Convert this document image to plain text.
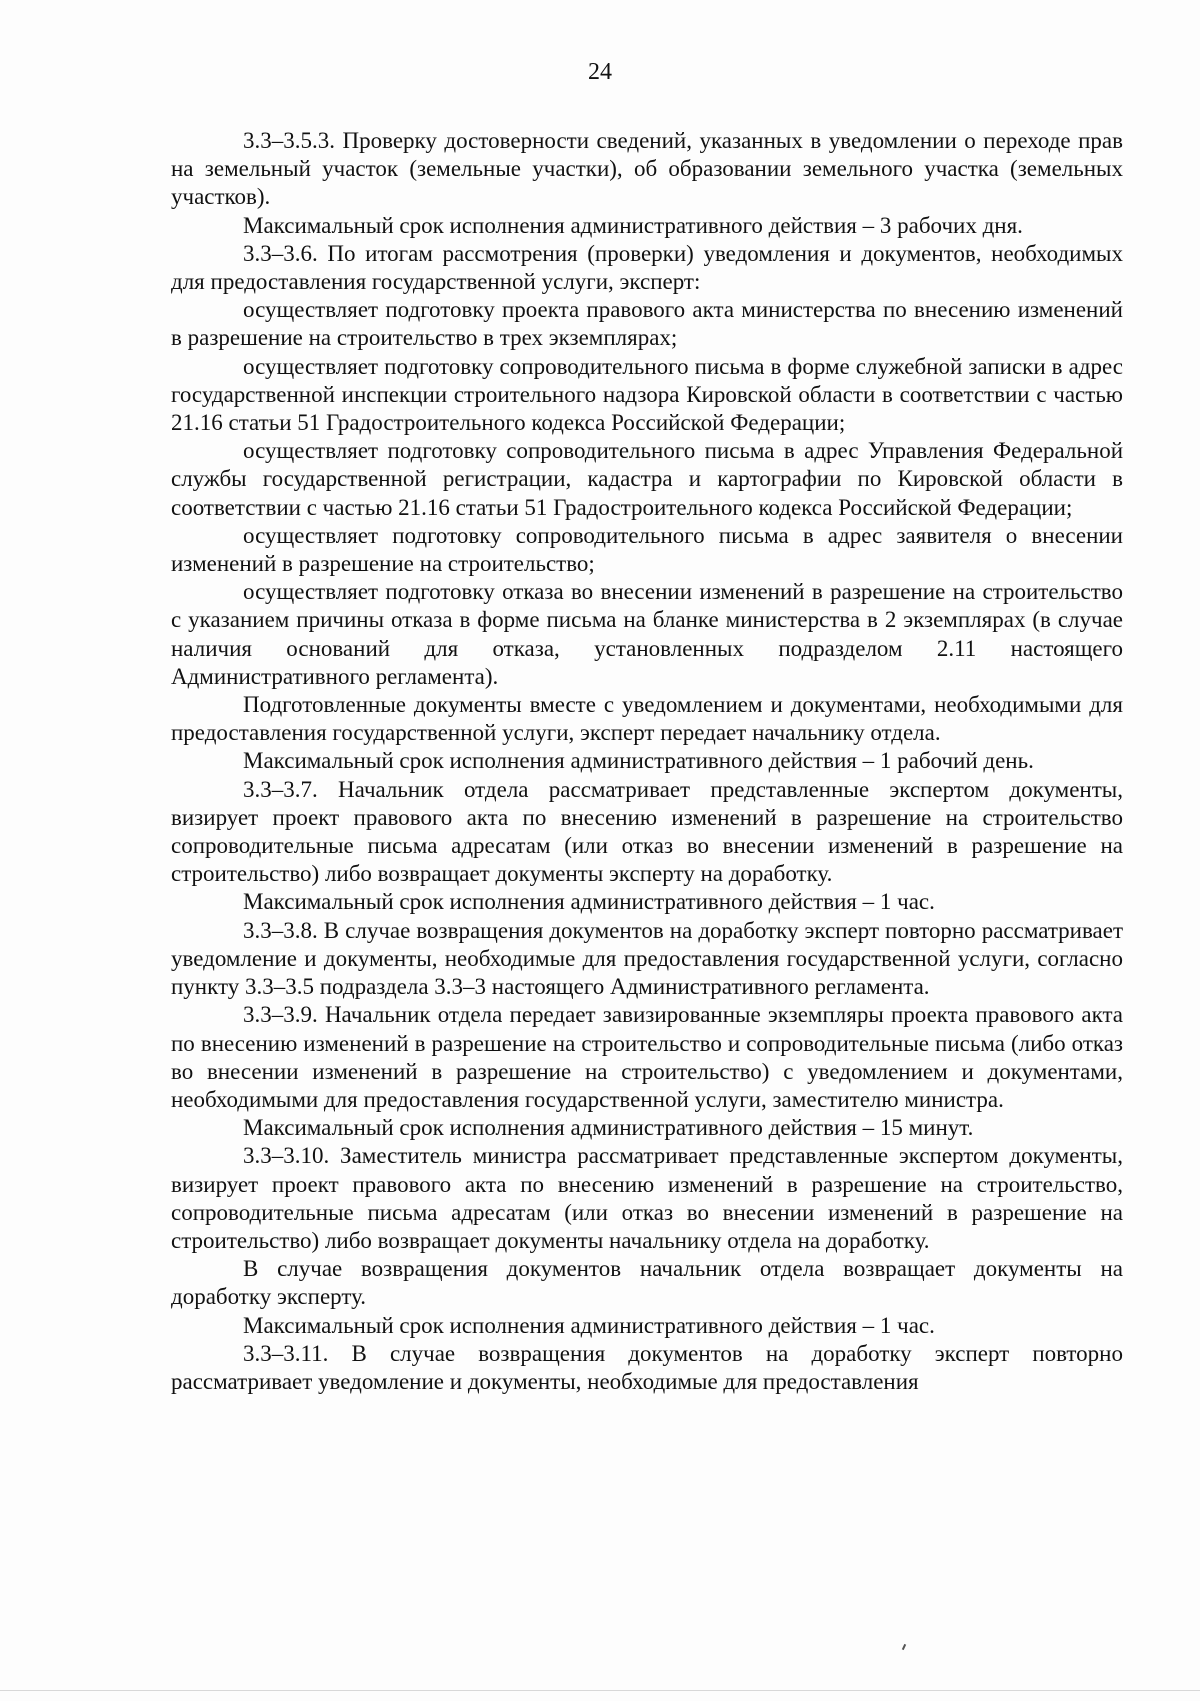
24

3.3–3.5.3. Проверку достоверности сведений, указанных в уведомлении о переходе прав на земельный участок (земельные участки), об образовании земельного участка (земельных участков).

Максимальный срок исполнения административного действия – 3 рабочих дня.

3.3–3.6. По итогам рассмотрения (проверки) уведомления и документов, необходимых для предоставления государственной услуги, эксперт:

осуществляет подготовку проекта правового акта министерства по внесению изменений в разрешение на строительство в трех экземплярах;

осуществляет подготовку сопроводительного письма в форме служебной записки в адрес государственной инспекции строительного надзора Кировской области в соответствии с частью 21.16 статьи 51 Градостроительного кодекса Российской Федерации;

осуществляет подготовку сопроводительного письма в адрес Управления Федеральной службы государственной регистрации, кадастра и картографии по Кировской области в соответствии с частью 21.16 статьи 51 Градостроительного кодекса Российской Федерации;

осуществляет подготовку сопроводительного письма в адрес заявителя о внесении изменений в разрешение на строительство;

осуществляет подготовку отказа во внесении изменений в разрешение на строительство с указанием причины отказа в форме письма на бланке министерства в 2 экземплярах (в случае наличия оснований для отказа, установленных подразделом 2.11 настоящего Административного регламента).

Подготовленные документы вместе с уведомлением и документами, необходимыми для предоставления государственной услуги, эксперт передает начальнику отдела.

Максимальный срок исполнения административного действия – 1 рабочий день.

3.3–3.7. Начальник отдела рассматривает представленные экспертом документы, визирует проект правового акта по внесению изменений в разрешение на строительство сопроводительные письма адресатам (или отказ во внесении изменений в разрешение на строительство) либо возвращает документы эксперту на доработку.

Максимальный срок исполнения административного действия – 1 час.

3.3–3.8. В случае возвращения документов на доработку эксперт повторно рассматривает уведомление и документы, необходимые для предоставления государственной услуги, согласно пункту 3.3–3.5 подраздела 3.3–3 настоящего Административного регламента.

3.3–3.9. Начальник отдела передает завизированные экземпляры проекта правового акта по внесению изменений в разрешение на строительство и сопроводительные письма (либо отказ во внесении изменений в разрешение на строительство) с уведомлением и документами, необходимыми для предоставления государственной услуги, заместителю министра.

Максимальный срок исполнения административного действия – 15 минут.

3.3–3.10. Заместитель министра рассматривает представленные экспертом документы, визирует проект правового акта по внесению изменений в разрешение на строительство, сопроводительные письма адресатам (или отказ во внесении изменений в разрешение на строительство) либо возвращает документы начальнику отдела на доработку.

В случае возвращения документов начальник отдела возвращает документы на доработку эксперту.

Максимальный срок исполнения административного действия – 1 час.

3.3–3.11. В случае возвращения документов на доработку эксперт повторно рассматривает уведомление и документы, необходимые для предоставления
